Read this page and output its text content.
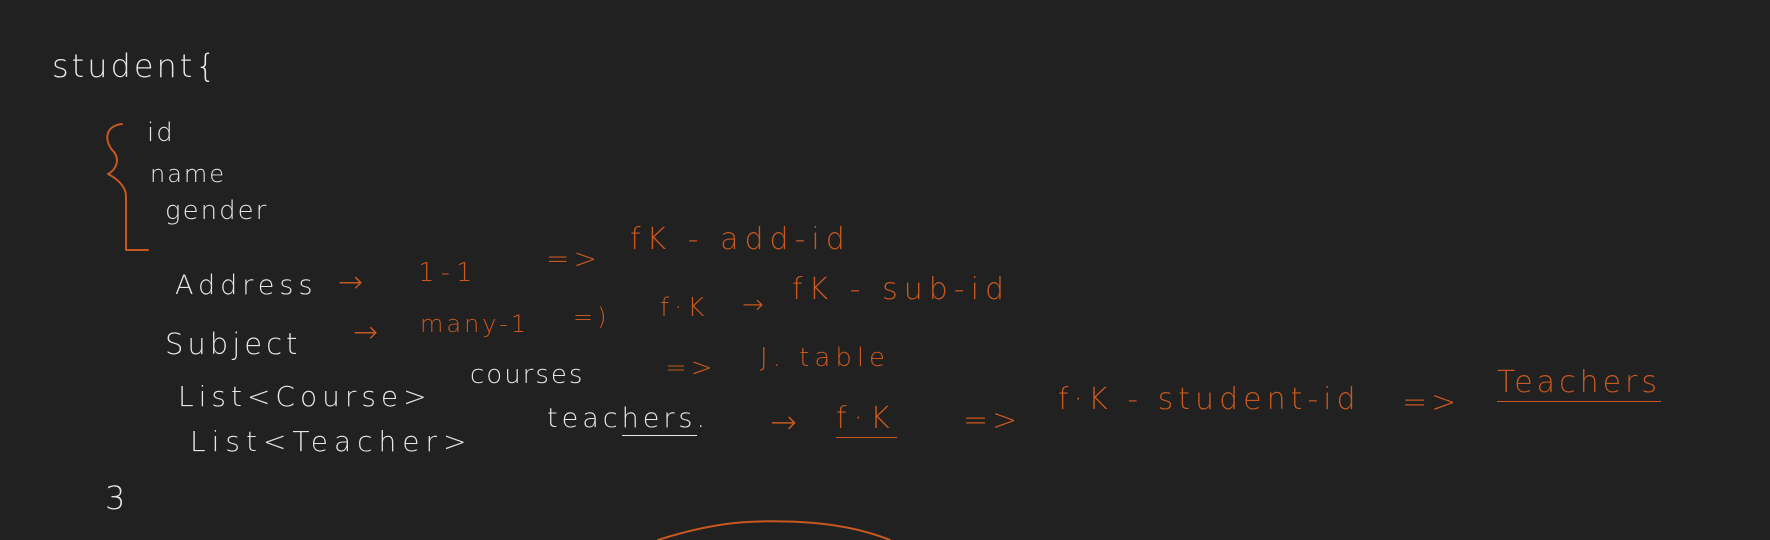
student{
id
name
gender
Address → 1-1 =>
fK - add-id
Subject → many-1 =) f·K → fK - sub-id
List<Course>
courses	=> J. table
List<Teacher>
teachers. → f·K =>
f·K - student-id =>
Teachers
3
